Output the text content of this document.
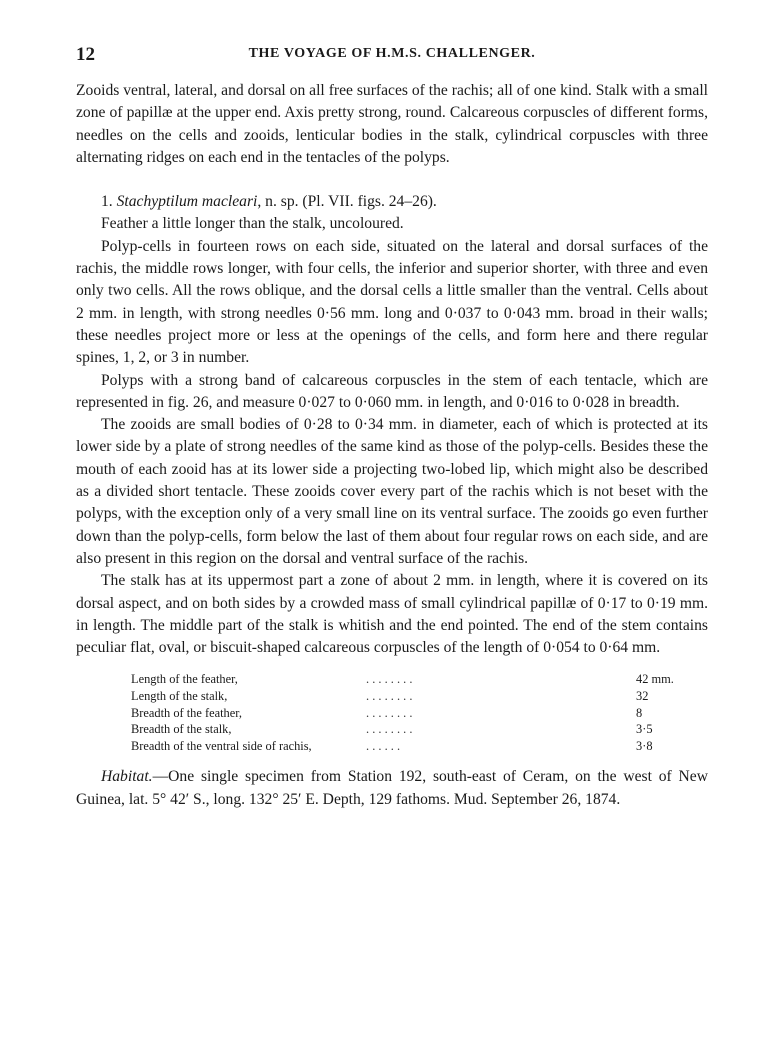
12	THE VOYAGE OF H.M.S. CHALLENGER.

Zooids ventral, lateral, and dorsal on all free surfaces of the rachis; all of one kind. Stalk with a small zone of papillæ at the upper end. Axis pretty strong, round. Calcareous corpuscles of different forms, needles on the cells and zooids, lenticular bodies in the stalk, cylindrical corpuscles with three alternating ridges on each end in the tentacles of the polyps.

1. Stachyptilum macleari, n. sp. (Pl. VII. figs. 24–26).

Feather a little longer than the stalk, uncoloured.

Polyp-cells in fourteen rows on each side, situated on the lateral and dorsal surfaces of the rachis, the middle rows longer, with four cells, the inferior and superior shorter, with three and even only two cells. All the rows oblique, and the dorsal cells a little smaller than the ventral. Cells about 2 mm. in length, with strong needles 0·56 mm. long and 0·037 to 0·043 mm. broad in their walls; these needles project more or less at the openings of the cells, and form here and there regular spines, 1, 2, or 3 in number.

Polyps with a strong band of calcareous corpuscles in the stem of each tentacle, which are represented in fig. 26, and measure 0·027 to 0·060 mm. in length, and 0·016 to 0·028 in breadth.

The zooids are small bodies of 0·28 to 0·34 mm. in diameter, each of which is protected at its lower side by a plate of strong needles of the same kind as those of the polyp-cells. Besides these the mouth of each zooid has at its lower side a projecting two-lobed lip, which might also be described as a divided short tentacle. These zooids cover every part of the rachis which is not beset with the polyps, with the exception only of a very small line on its ventral surface. The zooids go even further down than the polyp-cells, form below the last of them about four regular rows on each side, and are also present in this region on the dorsal and ventral surface of the rachis.

The stalk has at its uppermost part a zone of about 2 mm. in length, where it is covered on its dorsal aspect, and on both sides by a crowded mass of small cylindrical papillæ of 0·17 to 0·19 mm. in length. The middle part of the stalk is whitish and the end pointed. The end of the stem contains peculiar flat, oval, or biscuit-shaped calcareous corpuscles of the length of 0·054 to 0·64 mm.

Length of the feather,	. . . . . . . .	42 mm.
Length of the stalk,	. . . . . . . .	32
Breadth of the feather,	. . . . . . . .	8
Breadth of the stalk,	. . . . . . . .	3·5
Breadth of the ventral side of rachis,	. . . . . .	3·8

Habitat.—One single specimen from Station 192, south-east of Ceram, on the west of New Guinea, lat. 5° 42′ S., long. 132° 25′ E. Depth, 129 fathoms. Mud. September 26, 1874.
